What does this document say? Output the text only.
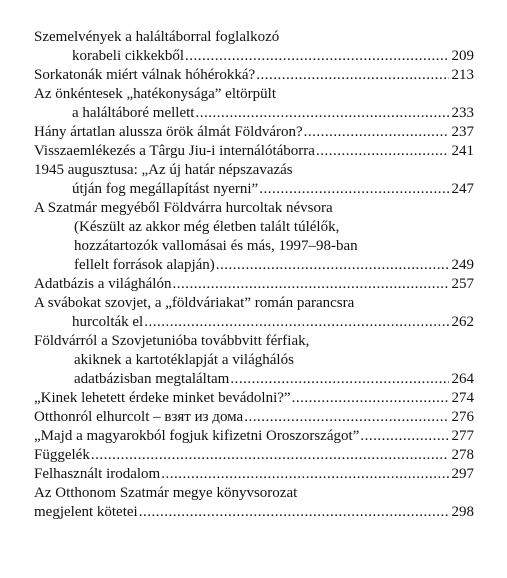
Szemelvények a haláltáborral foglalkozó
korabeli cikkekből .....	209
Sorkatonák miért válnak hóhérokká? .....	213
Az önkéntesek „hatékonysága” eltörpült
a haláltáboré mellett .....	233
Hány ártatlan alussza örök álmát Földváron? .....	237
Visszaemlékezés a Târgu Jiu-i internálótáborra .....	241
1945 augusztusa: „Az új határ népszavazás
útján fog megállapítást nyerni” .....	247
A Szatmár megyéből Földvárra hurcoltak névsora
(Készült az akkor még életben talált túlélők,
hozzátartozók vallomásai és más, 1997–98-ban
fellelt források alapján) .....	249
Adatbázis a világhálón .....	257
A svábokat szovjet, a „földváriakat” román parancsra
hurcolták el .....	262
Földvárról a Szovjetunióba továbbvitt férfiak,
akiknek a kartotéklapját a világhálós
adatbázisban megtaláltam .....	264
„Kinek lehetett érdeke minket bevádolni?” .....	274
Otthonról elhurcolt – взят из дома .....	276
„Majd a magyarokból fogjuk kifizetni Oroszországot” .....	277
Függelék .....	278
Felhasznált irodalom .....	297
Az Otthonom Szatmár megye könyvsorozat
megjelent kötetei .....	298
